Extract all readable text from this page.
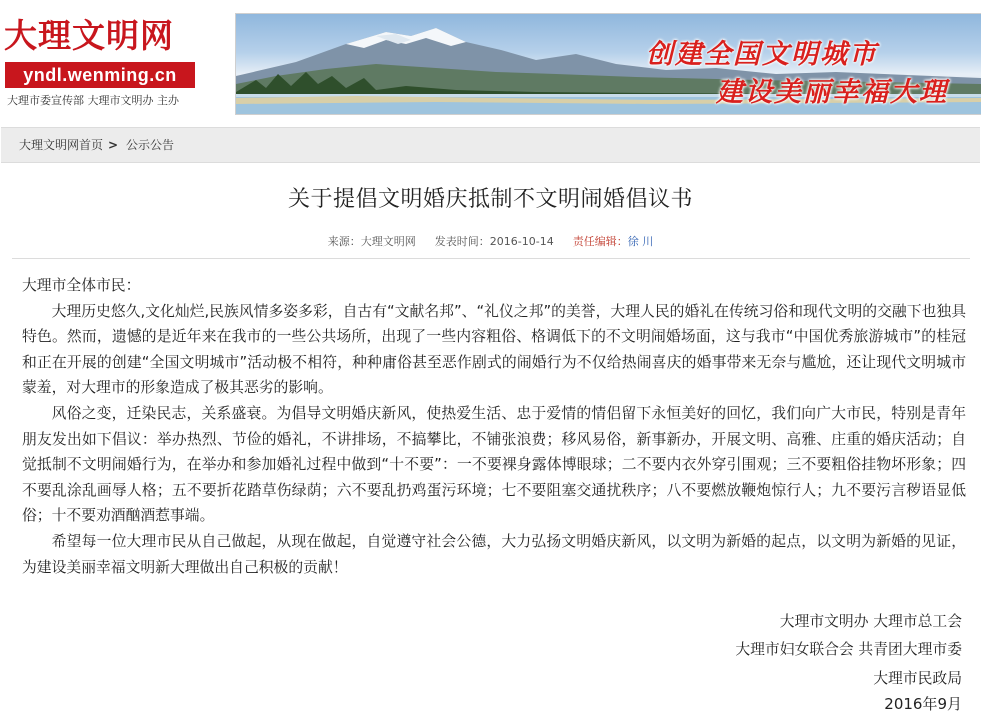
大理文明网
yndl.wenming.cn
大理市委宣传部 大理市文明办 主办
创建全国文明城市
建设美丽幸福大理
大理文明网首页 > 公示公告
关于提倡文明婚庆抵制不文明闹婚倡议书
来源：大理文明网 发表时间：2016-10-14 责任编辑：徐 川

大理市全体市民：

大理历史悠久,文化灿烂,民族风情多姿多彩，自古有“文献名邦”、“礼仪之邦”的美誉，大理人民的婚礼在传统习俗和现代文明的交融下也独具特色。然而，遗憾的是近年来在我市的一些公共场所，出现了一些内容粗俗、格调低下的不文明闹婚场面，这与我市“中国优秀旅游城市”的桂冠和正在开展的创建“全国文明城市”活动极不相符，种种庸俗甚至恶作剧式的闹婚行为不仅给热闹喜庆的婚事带来无奈与尴尬，还让现代文明城市蒙羞，对大理市的形象造成了极其恶劣的影响。

风俗之变，迁染民志，关系盛衰。为倡导文明婚庆新风，使热爱生活、忠于爱情的情侣留下永恒美好的回忆，我们向广大市民，特别是青年朋友发出如下倡议：举办热烈、节俭的婚礼，不讲排场，不搞攀比，不铺张浪费；移风易俗，新事新办，开展文明、高雅、庄重的婚庆活动；自觉抵制不文明闹婚行为，在举办和参加婚礼过程中做到“十不要”：一不要裸身露体博眼球；二不要内衣外穿引围观；三不要粗俗挂物坏形象；四不要乱涂乱画辱人格；五不要折花踏草伤绿荫；六不要乱扔鸡蛋污环境；七不要阻塞交通扰秩序；八不要燃放鞭炮惊行人；九不要污言秽语显低俗；十不要劝酒酗酒惹事端。

希望每一位大理市民从自己做起，从现在做起，自觉遵守社会公德，大力弘扬文明婚庆新风，以文明为新婚的起点，以文明为新婚的见证，为建设美丽幸福文明新大理做出自己积极的贡献！

大理市文明办 大理市总工会
大理市妇女联合会 共青团大理市委
大理市民政局
2016年9月
